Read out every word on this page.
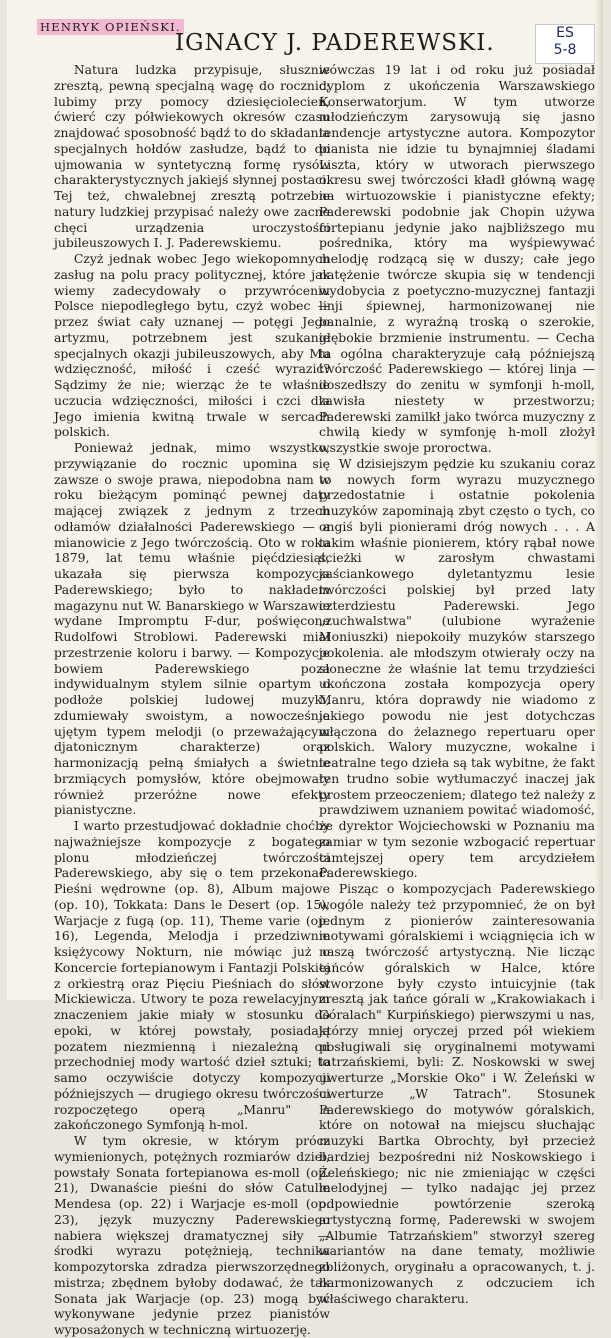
HENRYK OPIEŃSKI.
IGNACY J. PADEREWSKI.	ES
5-8

Natura ludzka przypisuje, słusznie zresztą, pewną specjalną wagę do rocznic; lubimy przy pomocy dziesięciolecień, ćwierć czy półwiekowych okresów czasu znajdować sposobność bądź to do składania specjalnych hołdów zasłudze, bądź to do ujmowania w syntetyczną formę rysów charakterystycznych jakiejś słynnej postaci. Tej też, chwalebnej zresztą potrzebie natury ludzkiej przypisać należy owe zacne chęci urządzenia uroczystości jubileuszowych I. J. Paderewskiemu.

Czyż jednak wobec Jego wiekopomnych zasług na polu pracy politycznej, które jak wiemy zadecydowały o przywróceniu Polsce niepodległego bytu, czyż wobec — przez świat cały uznanej — potęgi Jego artyzmu, potrzebnem jest szukanie specjalnych okazji jubileuszowych, aby Mu wdzięczność, miłość i cześć wyrazić? Sądzimy że nie; wierząc że te właśnie uczucia wdzięczności, miłości i czci dla Jego imienia kwitną trwale w sercach polskich.

Ponieważ jednak, mimo wszystko, przywiązanie do rocznic upomina się zawsze o swoje prawa, niepodobna nam w roku bieżącym pominąć pewnej daty mającej związek z jednym z trzech odłamów działalności Paderewskiego — a mianowicie z Jego twórczością. Oto w roku 1879, lat temu właśnie pięćdziesiąt, ukazała się pierwsza kompozycja Paderewskiego; było to nakładem magazynu nut W. Banarskiego w Warszawie wydane Impromptu F-dur, poświęcone Rudolfowi Stroblowi. Paderewski miał przestrzenie koloru i barwy. — Kompozycje bowiem Paderewskiego poza indywidualnym stylem silnie opartym o podłoże polskiej ludowej muzyki, zdumiewały swoistym, a nowocześnie ujętym typem melodji (o przeważającym djatonicznym charakterze) oraz harmonizacją pełną śmiałych a świetnie brzmiących pomysłów, które obejmowały również przeróżne nowe efekty pianistyczne.

I warto przestudjować dokładnie choćby najważniejsze kompozycje z bogatego plonu młodzieńczej twórczości Paderewskiego, aby się o tem przekonać: Pieśni wędrowne (op. 8), Album majowe (op. 10), Tokkata: Dans le Desert (op. 15), Warjacje z fugą (op. 11), Theme varie (op. 16), Legenda, Melodja i przedziwnie księżycowy Nokturn, nie mówiąc już o Koncercie fortepianowym i Fantazji Polskiej z orkiestrą oraz Pięciu Pieśniach do słów Mickiewicza. Utwory te poza rewelacyjnym znaczeniem jakie miały w stosunku do epoki, w której powstały, posiadają pozatem niezmienną i niezależną od przechodniej mody wartość dzieł sztuki; to samo oczywiście dotyczy kompozycji późniejszych — drugiego okresu twórczości rozpoczętego operą „Manru" a zakończonego Symfonją h-mol.

W tym okresie, w którym prócz wymienionych, potężnych rozmiarów dzieł, powstały Sonata fortepianowa es-moll (op. 21), Dwanaście pieśni do słów Catulle Mendesa (op. 22) i Warjacje es-moll (op. 23), język muzyczny Paderewskiego nabiera większej dramatycznej siły — środki wyrazu potężnieją, technika kompozytorska zdradza pierwszorzędnego mistrza; zbędnem byłoby dodawać, że tak Sonata jak Warjacje (op. 23) mogą być wykonywane jedynie przez pianistów wyposażonych w techniczną wirtuozerję.

wówczas 19 lat i od roku już posiadał dyplom z ukończenia Warszawskiego Konserwatorjum. W tym utworze młodzieńczym zarysowują się jasno tendencje artystyczne autora. Kompozytor pianista nie idzie tu bynajmniej śladami Liszta, który w utworach pierwszego okresu swej twórczości kładł główną wagę na wirtuozowskie i pianistyczne efekty; Paderewski podobnie jak Chopin używa fortepianu jedynie jako najbliższego mu pośrednika, który ma wyśpiewywać melodję rodzącą się w duszy; całe jego natężenie twórcze skupia się w tendencji wydobycia z poetyczno-muzycznej fantazji linji śpiewnej, harmonizowanej nie banalnie, z wyraźną troską o szerokie, głębokie brzmienie instrumentu. — Cecha ta ogólna charakteryzuje całą późniejszą twórczość Paderewskiego — której linja — doszedłszy do zenitu w symfonji h-moll, zawisła niestety w przestworzu; Paderewski zamilkł jako twórca muzyczny z chwilą kiedy w symfonję h-moll złożył wszystkie swoje proroctwa.

W dzisiejszym pędzie ku szukaniu coraz to nowych form wyrazu muzycznego przedostatnie i ostatnie pokolenia muzyków zapominają zbyt często o tych, co ongiś byli pionierami dróg nowych . . . A takim właśnie pionierem, który rąbał nowe ścieżki w zarosłym chwastami zaściankowego dyletantyzmu lesie twórczości polskiej był przed laty czterdziestu Paderewski. Jego „zuchwalstwa" (ulubione wyrażenie Moniuszki) niepokoiły muzyków starszego pokolenia. ale młodszym otwierały oczy na słoneczne że właśnie lat temu trzydzieści ukończona została kompozycja opery Manru, która doprawdy nie wiadomo z jakiego powodu nie jest dotychczas włączona do żelaznego repertuaru oper polskich. Walory muzyczne, wokalne i teatralne tego dzieła są tak wybitne, że fakt ten trudno sobie wytłumaczyć inaczej jak prostem przeoczeniem; dlatego też należy z prawdziwem uznaniem powitać wiadomość, że dyrektor Wojciechowski w Poznaniu ma zamiar w tym sezonie wzbogacić repertuar tamtejszej opery tem arcydziełem Paderewskiego.

Pisząc o kompozycjach Paderewskiego wogóle należy też przypomnieć, że on był jednym z pionierów zainteresowania motywami góralskiemi i wciągnięcia ich w naszą twórczość artystyczną. Nie licząc tańców góralskich w Halce, które stworzone były czysto intuicyjnie (tak zresztą jak tańce górali w „Krakowiakach i Góralach" Kurpińskiego) pierwszymi u nas, którzy mniej oryczej przed pół wiekiem posługiwali się oryginalnemi motywami tatrzańskiemi, byli: Z. Noskowski w swej uwerturze „Morskie Oko" i W. Żeleński w uwerturze „W Tatrach". Stosunek Paderewskiego do motywów góralskich, które on notował na miejscu słuchając muzyki Bartka Obrochty, był przecież bardziej bezpośredni niż Noskowskiego i Żeleńskiego; nic nie zmieniając w części melodyjnej — tylko nadając jej przez odpowiednie powtórzenie szeroką artystyczną formę, Paderewski w swojem „Albumie Tatrzańskiem" stworzył szereg wariantów na dane tematy, możliwie zbliżonych, oryginału a opracowanych, t. j. harmonizowanych z odczuciem ich właściwego charakteru.
